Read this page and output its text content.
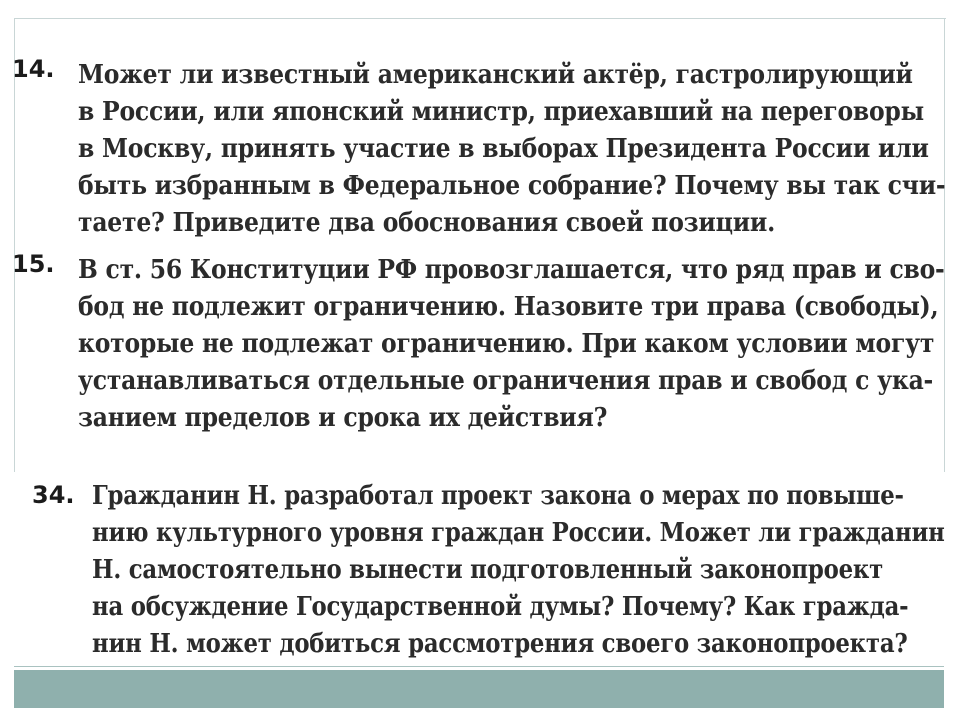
14. Может ли известный американский актёр, гастролирующий
в России, или японский министр, приехавший на переговоры
в Москву, принять участие в выборах Президента России или
быть избранным в Федеральное собрание? Почему вы так счи-
таете? Приведите два обоснования своей позиции.
15. В ст. 56 Конституции РФ провозглашается, что ряд прав и сво-
бод не подлежит ограничению. Назовите три права (свободы),
которые не подлежат ограничению. При каком условии могут
устанавливаться отдельные ограничения прав и свобод с ука-
занием пределов и срока их действия?
34. Гражданин Н. разработал проект закона о мерах по повыше-
нию культурного уровня граждан России. Может ли гражданин
Н. самостоятельно вынести подготовленный законопроект
на обсуждение Государственной думы? Почему? Как гражда-
нин Н. может добиться рассмотрения своего законопроекта?
